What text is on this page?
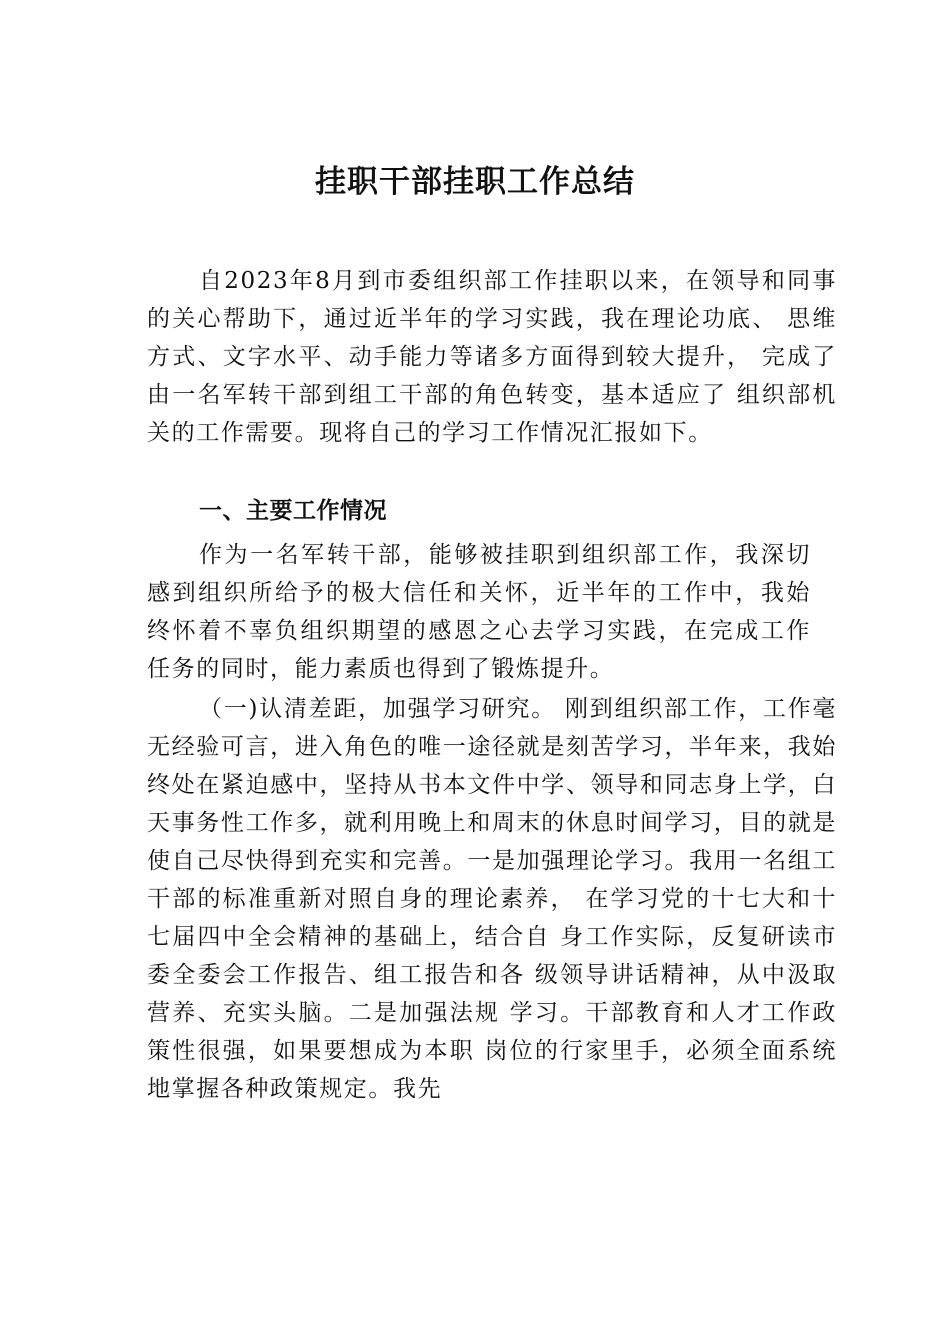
挂职干部挂职工作总结

自2023年8月到市委组织部工作挂职以来，在领导和同事的关心帮助下，通过近半年的学习实践，我在理论功底、 思维方式、文字水平、动手能力等诸多方面得到较大提升， 完成了由一名军转干部到组工干部的角色转变，基本适应了 组织部机关的工作需要。现将自己的学习工作情况汇报如下。

一、主要工作情况

作为一名军转干部，能够被挂职到组织部工作，我深切感到组织所给予的极大信任和关怀，近半年的工作中，我始终怀着不辜负组织期望的感恩之心去学习实践，在完成工作 任务的同时，能力素质也得到了锻炼提升。

（一)认清差距，加强学习研究。 刚到组织部工作，工作毫无经验可言，进入角色的唯一途径就是刻苦学习，半年来，我始终处在紧迫感中，坚持从书本文件中学、领导和同志身上学，白天事务性工作多，就利用晚上和周末的休息时间学习，目的就是使自己尽快得到充实和完善。一是加强理论学习。我用一名组工干部的标准重新对照自身的理论素养， 在学习党的十七大和十七届四中全会精神的基础上，结合自 身工作实际，反复研读市委全委会工作报告、组工报告和各 级领导讲话精神，从中汲取营养、充实头脑。二是加强法规 学习。干部教育和人才工作政策性很强，如果要想成为本职 岗位的行家里手，必须全面系统地掌握各种政策规定。我先
